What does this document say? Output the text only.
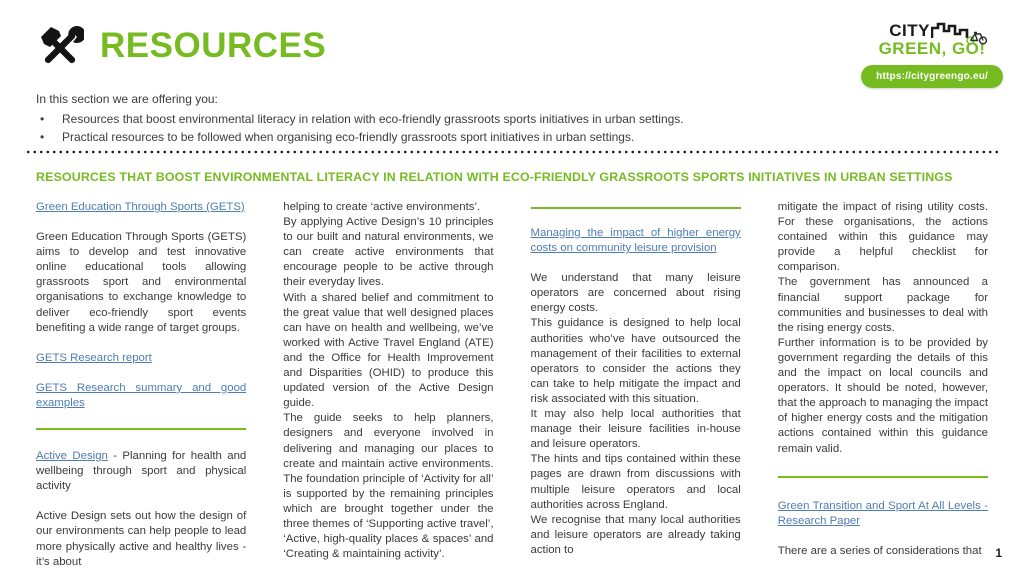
RESOURCES	CITY
GREEN, GO!
https://citygreengo.eu/
In this section we are offering you:
•	Resources that boost environmental literacy in relation with eco-friendly grassroots sports initiatives in urban settings.
•	Practical resources to be followed when organising eco-friendly grassroots sport initiatives in urban settings.
RESOURCES THAT BOOST ENVIRONMENTAL LITERACY IN RELATION WITH ECO-FRIENDLY GRASSROOTS SPORTS INITIATIVES IN URBAN SETTINGS
Green Education Through Sports (GETS)

Green Education Through Sports (GETS) aims to develop and test innovative online educational tools allowing grassroots sport and environmental organisations to exchange knowledge to deliver eco-friendly sport events benefiting a wide range of target groups.

GETS Research report
GETS Research summary and good examples

Active Design - Planning for health and wellbeing through sport and physical activity

Active Design sets out how the design of our environments can help people to lead more physically active and healthy lives - it’s about

helping to create ‘active environments’.

By applying Active Design’s 10 principles to our built and natural environments, we can create active environments that encourage people to be active through their everyday lives.

With a shared belief and commitment to the great value that well designed places can have on health and wellbeing, we’ve worked with Active Travel England (ATE) and the Office for Health Improvement and Disparities (OHID) to produce this updated version of the Active Design guide.

The guide seeks to help planners, designers and everyone involved in delivering and managing our places to create and maintain active environments. The foundation principle of ‘Activity for all’ is supported by the remaining principles which are brought together under the three themes of ‘Supporting active travel’, ‘Active, high-quality places & spaces’ and ‘Creating & maintaining activity’.

Managing the impact of higher energy costs on community leisure provision

We understand that many leisure operators are concerned about rising energy costs.

This guidance is designed to help local authorities who’ve have outsourced the management of their facilities to external operators to consider the actions they can take to help mitigate the impact and risk associated with this situation.

It may also help local authorities that manage their leisure facilities in-house and leisure operators.

The hints and tips contained within these pages are drawn from discussions with multiple leisure operators and local authorities across England.

We recognise that many local authorities and leisure operators are already taking action to

mitigate the impact of rising utility costs. For these organisations, the actions contained within this guidance may provide a helpful checklist for comparison.

The government has announced a financial support package for communities and businesses to deal with the rising energy costs.

Further information is to be provided by government regarding the details of this and the impact on local councils and operators. It should be noted, however, that the approach to managing the impact of higher energy costs and the mitigation actions contained within this guidance remain valid.

Green Transition and Sport At All Levels - Research Paper

There are a series of considerations that	1
